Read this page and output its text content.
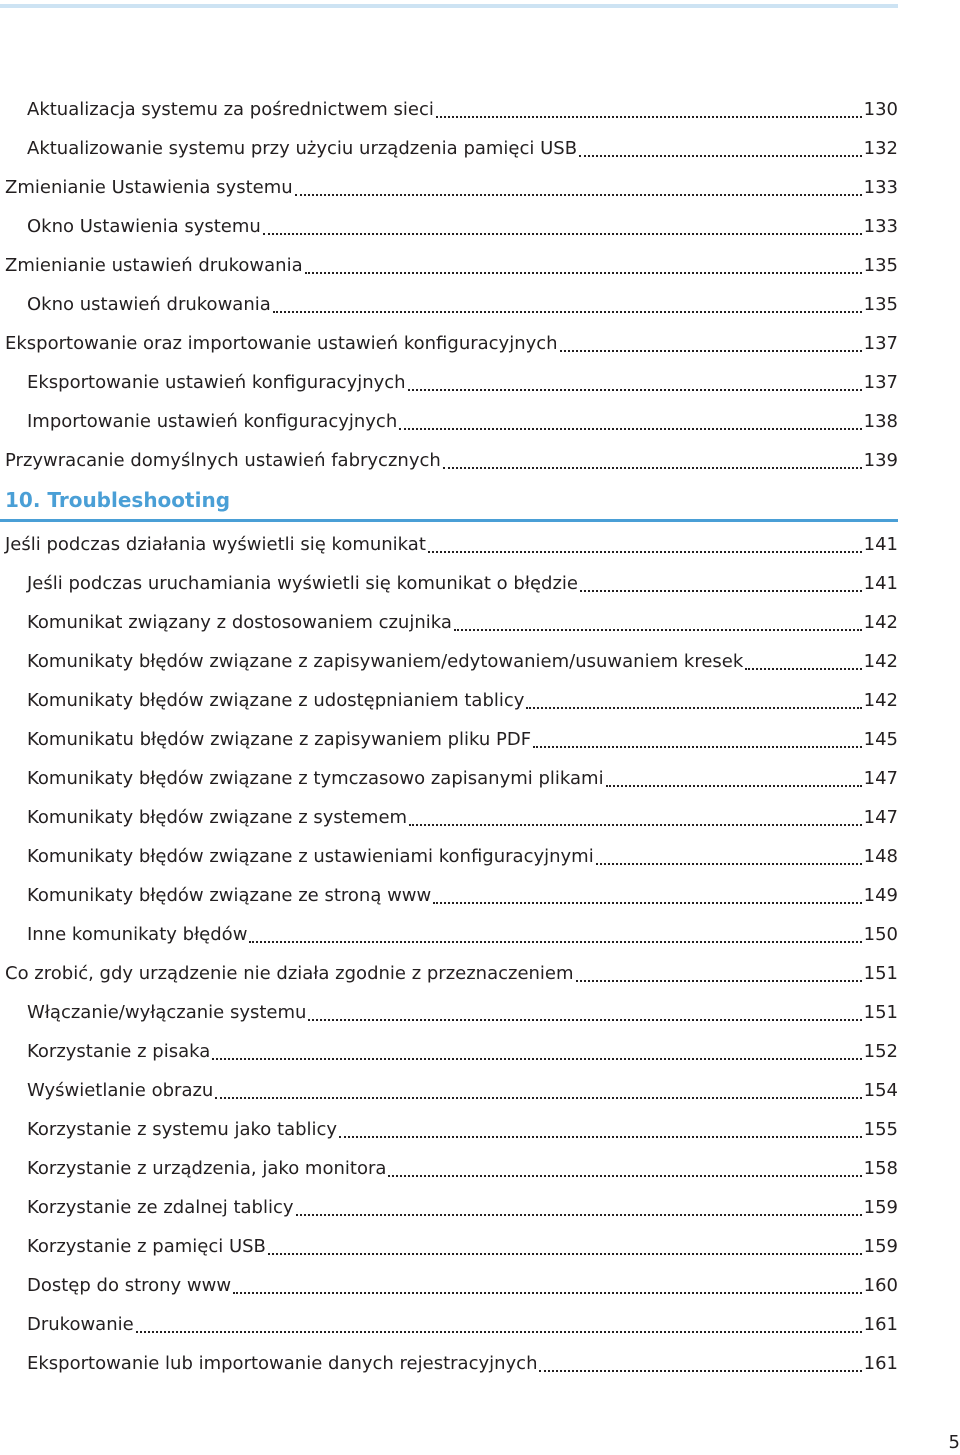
Aktualizacja systemu za pośrednictwem sieci	130
Aktualizowanie systemu przy użyciu urządzenia pamięci USB	132
Zmienianie Ustawienia systemu	133
Okno Ustawienia systemu	133
Zmienianie ustawień drukowania	135
Okno ustawień drukowania	135
Eksportowanie oraz importowanie ustawień konfiguracyjnych	137
Eksportowanie ustawień konfiguracyjnych	137
Importowanie ustawień konfiguracyjnych	138
Przywracanie domyślnych ustawień fabrycznych	139
10. Troubleshooting
Jeśli podczas działania wyświetli się komunikat	141
Jeśli podczas uruchamiania wyświetli się komunikat o błędzie	141
Komunikat związany z dostosowaniem czujnika	142
Komunikaty błędów związane z zapisywaniem/edytowaniem/usuwaniem kresek	142
Komunikaty błędów związane z udostępnianiem tablicy	142
Komunikatu błędów związane z zapisywaniem pliku PDF	145
Komunikaty błędów związane z tymczasowo zapisanymi plikami	147
Komunikaty błędów związane z systemem	147
Komunikaty błędów związane z ustawieniami konfiguracyjnymi	148
Komunikaty błędów związane ze stroną www	149
Inne komunikaty błędów	150
Co zrobić, gdy urządzenie nie działa zgodnie z przeznaczeniem	151
Włączanie/wyłączanie systemu	151
Korzystanie z pisaka	152
Wyświetlanie obrazu	154
Korzystanie z systemu jako tablicy	155
Korzystanie z urządzenia, jako monitora	158
Korzystanie ze zdalnej tablicy	159
Korzystanie z pamięci USB	159
Dostęp do strony www	160
Drukowanie	161
Eksportowanie lub importowanie danych rejestracyjnych	161
5
